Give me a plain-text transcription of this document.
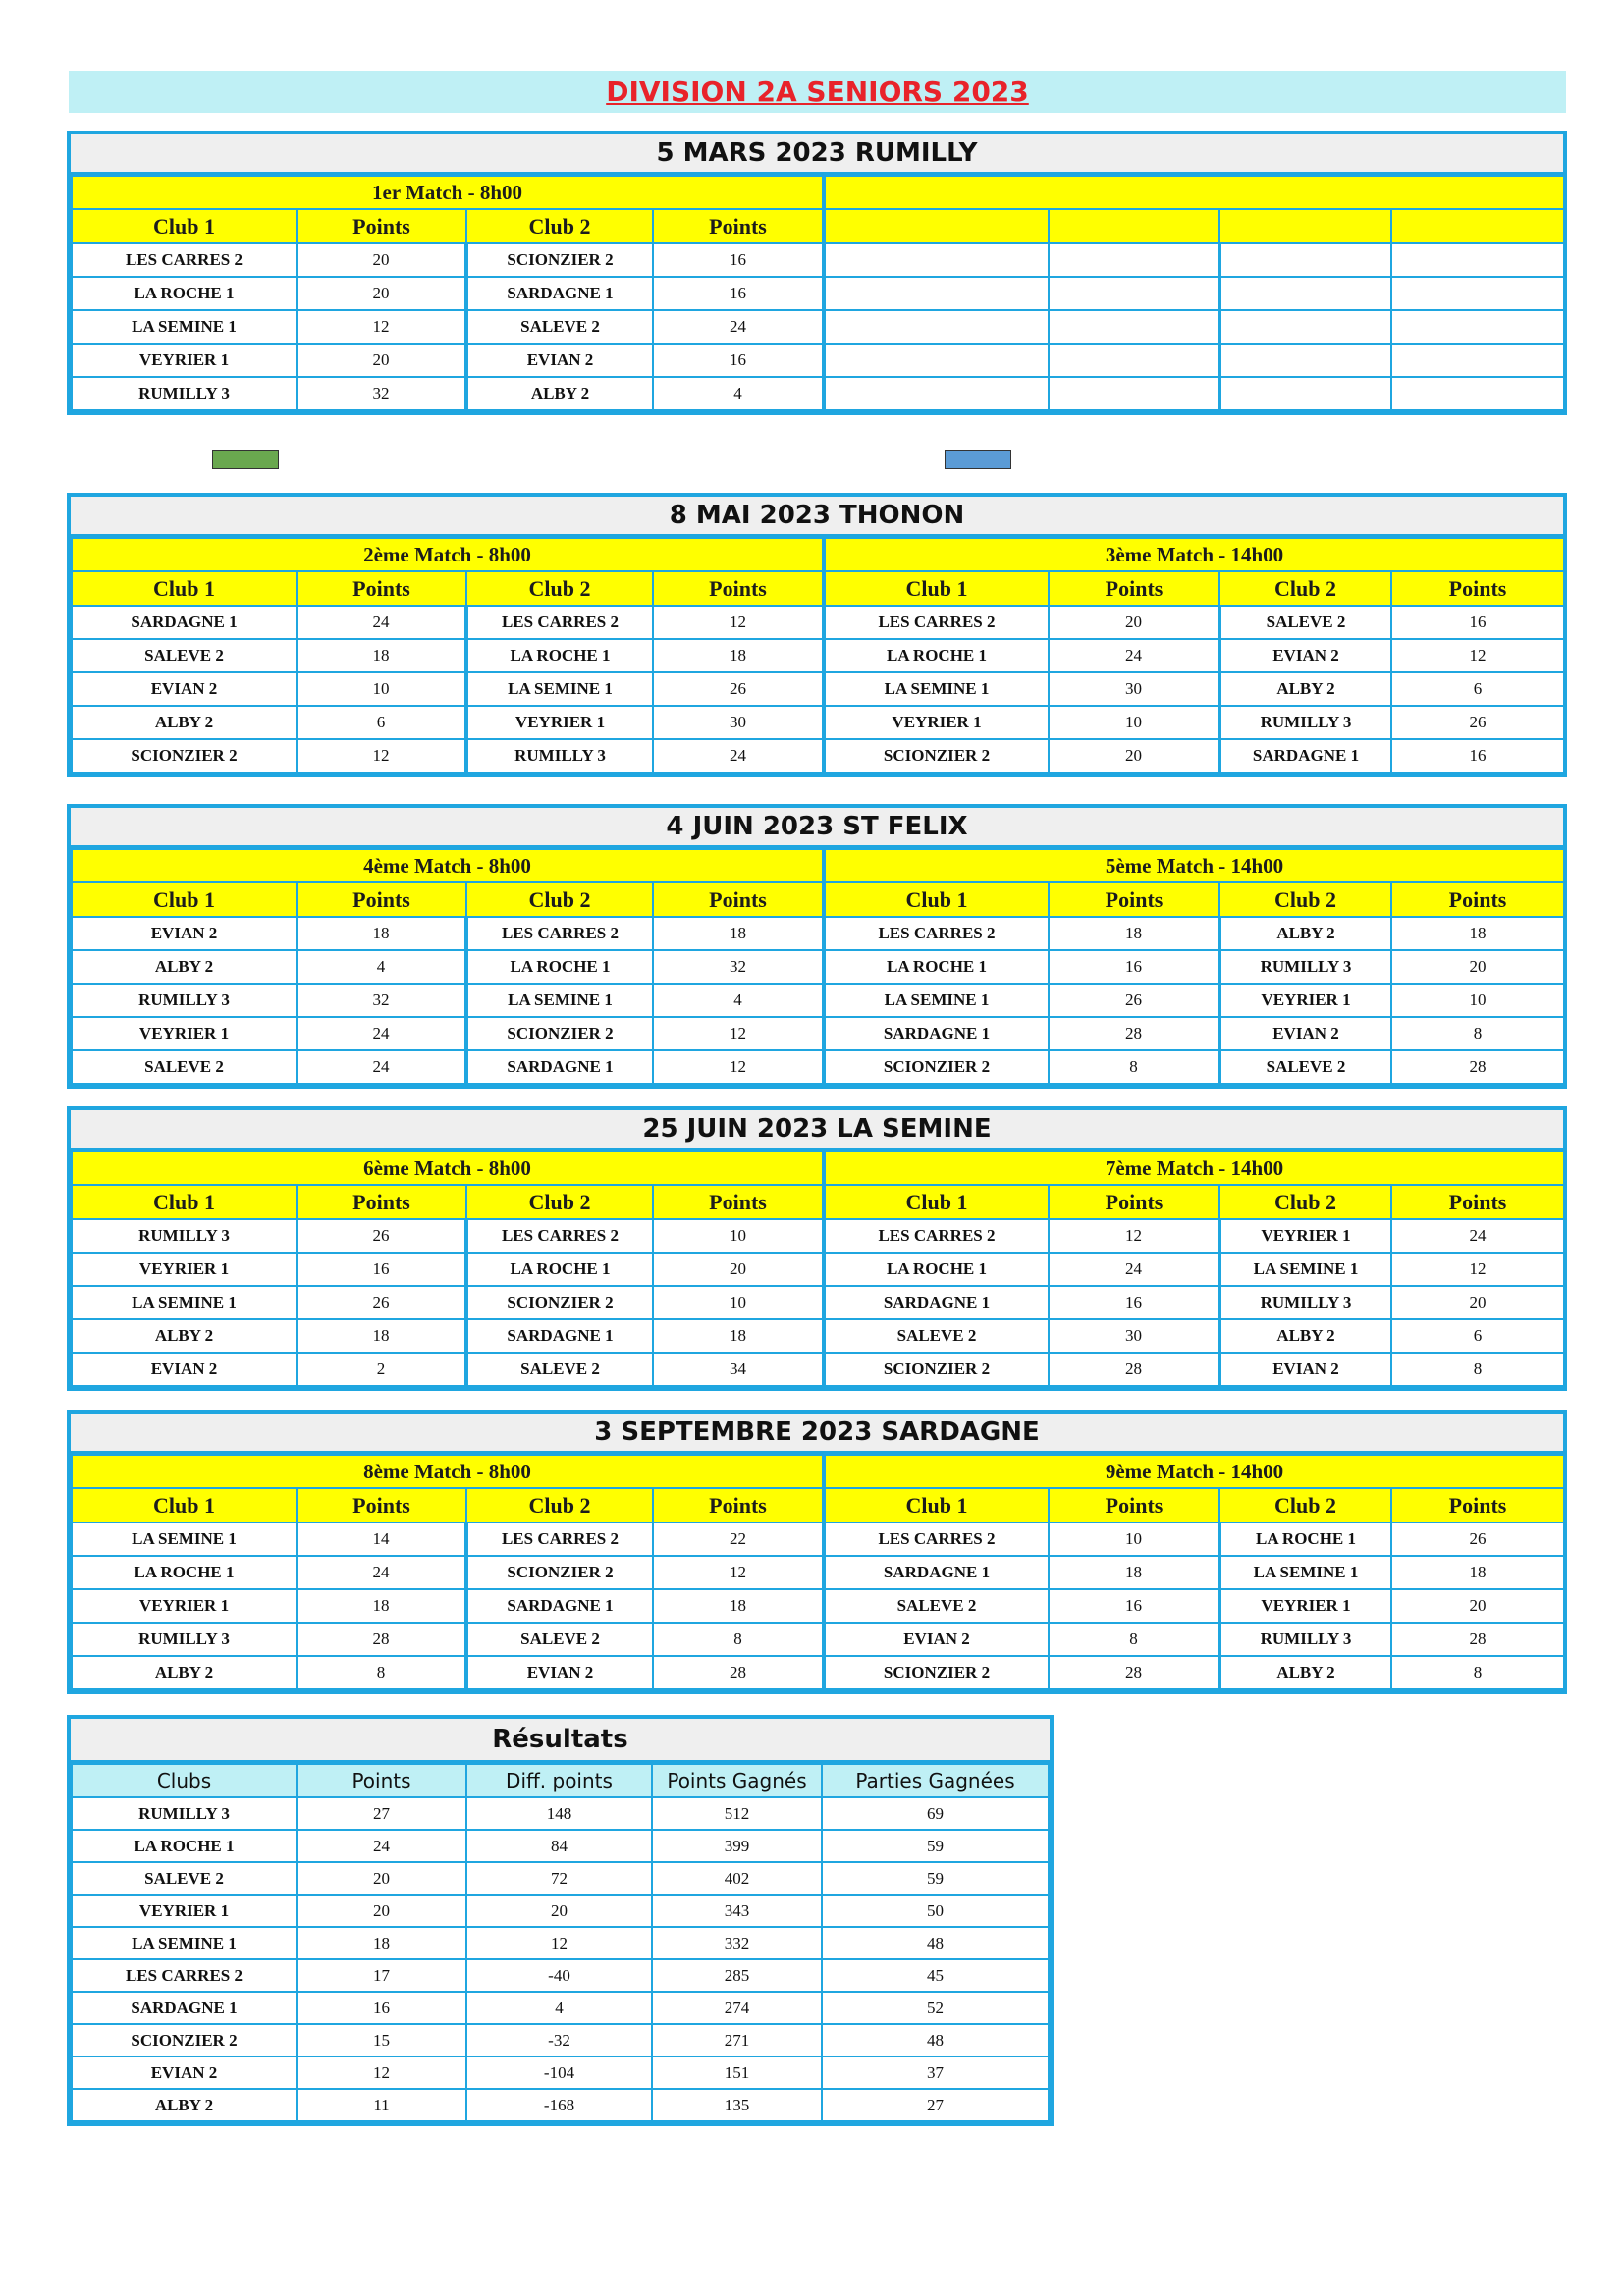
DIVISION 2A SENIORS 2023
5 MARS 2023 RUMILLY
1er Match - 8h00							
Club 1	Points	Club 2	Points				
LES CARRES 2	20	SCIONZIER 2	16				
LA ROCHE 1	20	SARDAGNE 1	16				
LA SEMINE 1	12	SALEVE 2	24				
VEYRIER 1	20	EVIAN 2	16				
RUMILLY 3	32	ALBY 2	4				
8 MAI 2023 THONON
2ème Match - 8h00				3ème Match - 14h00			
Club 1	Points	Club 2	Points	Club 1	Points	Club 2	Points
SARDAGNE 1	24	LES CARRES 2	12	LES CARRES 2	20	SALEVE 2	16
SALEVE 2	18	LA ROCHE 1	18	LA ROCHE 1	24	EVIAN 2	12
EVIAN 2	10	LA SEMINE 1	26	LA SEMINE 1	30	ALBY 2	6
ALBY 2	6	VEYRIER 1	30	VEYRIER 1	10	RUMILLY 3	26
SCIONZIER 2	12	RUMILLY 3	24	SCIONZIER 2	20	SARDAGNE 1	16
4 JUIN 2023 ST FELIX
4ème Match - 8h00				5ème Match - 14h00			
Club 1	Points	Club 2	Points	Club 1	Points	Club 2	Points
EVIAN 2	18	LES CARRES 2	18	LES CARRES 2	18	ALBY 2	18
ALBY 2	4	LA ROCHE 1	32	LA ROCHE 1	16	RUMILLY 3	20
RUMILLY 3	32	LA SEMINE 1	4	LA SEMINE 1	26	VEYRIER 1	10
VEYRIER 1	24	SCIONZIER 2	12	SARDAGNE 1	28	EVIAN 2	8
SALEVE 2	24	SARDAGNE 1	12	SCIONZIER 2	8	SALEVE 2	28
25 JUIN 2023 LA SEMINE
6ème Match - 8h00				7ème Match - 14h00			
Club 1	Points	Club 2	Points	Club 1	Points	Club 2	Points
RUMILLY 3	26	LES CARRES 2	10	LES CARRES 2	12	VEYRIER 1	24
VEYRIER 1	16	LA ROCHE 1	20	LA ROCHE 1	24	LA SEMINE 1	12
LA SEMINE 1	26	SCIONZIER 2	10	SARDAGNE 1	16	RUMILLY 3	20
ALBY 2	18	SARDAGNE 1	18	SALEVE 2	30	ALBY 2	6
EVIAN 2	2	SALEVE 2	34	SCIONZIER 2	28	EVIAN 2	8
3 SEPTEMBRE 2023 SARDAGNE
8ème Match - 8h00				9ème Match - 14h00			
Club 1	Points	Club 2	Points	Club 1	Points	Club 2	Points
LA SEMINE 1	14	LES CARRES 2	22	LES CARRES 2	10	LA ROCHE 1	26
LA ROCHE 1	24	SCIONZIER 2	12	SARDAGNE 1	18	LA SEMINE 1	18
VEYRIER 1	18	SARDAGNE 1	18	SALEVE 2	16	VEYRIER 1	20
RUMILLY 3	28	SALEVE 2	8	EVIAN 2	8	RUMILLY 3	28
ALBY 2	8	EVIAN 2	28	SCIONZIER 2	28	ALBY 2	8
Résultats
Clubs	Points	Diff. points	Points Gagnés	Parties Gagnées
RUMILLY 3	27	148	512	69
LA ROCHE 1	24	84	399	59
SALEVE 2	20	72	402	59
VEYRIER 1	20	20	343	50
LA SEMINE 1	18	12	332	48
LES CARRES 2	17	-40	285	45
SARDAGNE 1	16	4	274	52
SCIONZIER 2	15	-32	271	48
EVIAN 2	12	-104	151	37
ALBY 2	11	-168	135	27
